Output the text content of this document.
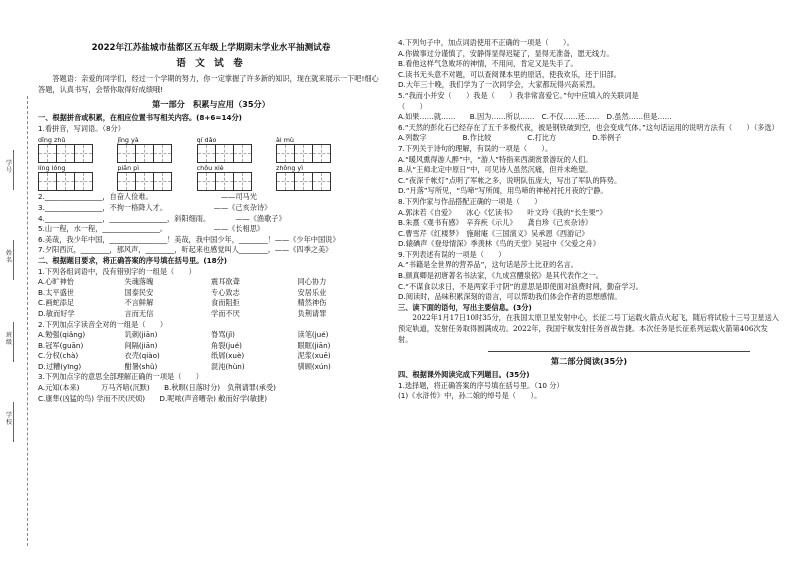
学号
姓名
班级
学校
2022年江苏盐城市盐都区五年级上学期期末学业水平抽测试卷
语 文 试 卷
答题语：亲爱的同学们，经过一个学期的努力，你一定掌握了许多新的知识，现在就来展示一下吧!细心答题，认真书写，会帮你取得好成绩哦!
第一部分　积累与应用（35分）
一、根据拼音或积累，在相应位置书写相关内容。(8+6=14分)
1.看拼音，写词语。（8分）
dīng zhǔ	jīng yà	qí dǎo	ài mù
líng lóng	piān pì	chōu xiè	zhōng yì
2.________________，自奋人俭难。　　　　　　　　　　——司马光
3.________________，不拘一格降人才。　　　　　　　——《己亥杂诗》
4.________________，________________，斜阳细雨。　　　　——《渔歌子》
5.山一程，水一程，________________。　　　　　　　——《长相思》
6.美哉，我少年中国，________________！美哉，我中国少年，________！——《少年中国说》
7.夕阳西沉，________，那风声，________，听起来也感觉叫人________。——《四季之美》
二、根据题目要求，将正确答案的序号填在括号里。(18分)
1.下列各组词语中，没有错别字的一组是（　　）
A.心旷神怡	失魂落魄	震耳欲聋	同心协力
B.太平盛世	国泰民安	专心致志	安居乐业
C.画蛇添足	不言鲜解	食而阻拒	精然神伤
D.敏而好学	言而无信	学而不厌	负荆请罪
2.下列加点字读音全对的一组是（　　）
A.勉强(qiǎng)	讥刺(jiān)	脊骂(jǐ)	读笔(jué)
B.冠军(guān)	间隔(jiān)	角裂(jué)	眼眶(jiān)
C.分权(chà)	衣壳(qiào)	纸屑(xuè)	泥浆(xuē)
D.过糟(yīng)	酣暑(shǔ)	混沌(hùn)	驯顾(xún)
3.下列加点字的意思全部理解正确的一项是（　　）
A.元知(本来)　　　万马齐喑(沉默)　　B.秋暝(日落时分)　负荆请罪(承受)
C.康隼(凶猛的鸟) 学而不厌(厌烦)　　D.呢哝(声音嘈杂) 敝而好学(敏捷)
4.下列句子中，加点词语使用不正确的一项是（　　）。
A.你做事过分谨慎了，安静得显得迟疑了，显得无准备，愿无线力。
B.看他这样气急败坏的神情，不用问，肯定又是失手了。
C.读书无头意不对题，可以查阅课本里的原话，使我欢乐，还于旧部。
D.大年三十晚，我们学为了一次同学会，大家都玩得兴高采烈。
5.“我而小并安（　　）我是（　　）我非常喜爱它。”句中应填入的关联词是
（　　）
A.如果……就……　　B.因为……所以……　C.不仅……还……　D.虽然……但是……
6.“天然的彭化石已经存在了五千多极代夜，被是钢铁破到空，也会变成气体。”这句话运用的说明方法有（　　）（多选）
A.列数字　　　　　B.作比较　　　　　C.打比方　　　　　D.举例子
7.下列关于诗句的理解，有误的一项是（　　）。
A.“暖风熏得游人醉”中，“游人”特指来西湖赏景游玩的人们。
B.从“王师北定中原日”中，可见诗人虽然沉痛，但并未绝望。
C.“夜深千帐灯”点明了军帐之多，说明队伍庞大，写出了军队的阵势。
D.“月落”写所见，“鸟啼”写所闻，用鸟啼的神秘衬托月夜的宁静。
8.下列作家与作品搭配正确的一项是（　　）
A.郭沫若《自爱》　　冰心《忆读书》　　叶文玲《我的“长生果”》
B.朱熹《观书有感》　辛弃疾《示儿》　　龚自珍《己亥杂诗》
C.曹雪芹《红楼梦》　施耐庵《三国演义》吴承恩《西游记》
D.辕碘声《登母情深》季羡林《鸟的天堂》吴冠中《父爱之舟》
9.下列表述有误的一项是（　　）
A.“书籍是全世界的营养品”，这句话是莎士比亚的名言。
B.颜真卿是初唐著名书法家，《九成宫醴泉铭》是其代表作之一。
C.“不谋食以求日，不是两家手寸阴”的意思是即使面对浪费时间，勤奋学习。
D.阅读时，品味积累深刻的语言，可以帮助我们体会作者的思想感情。
三、读下面的语句，写出主要信息。(3分)
2022年1月17日10时35分，在我国太原卫星发射中心，长征二号丁运载火箭点火起飞，随后将试验十三号卫星送入预定轨道，发射任务取得圆满成功。2022年，我国宇航发射任务首战告捷。本次任务是长征系列运载火箭第406次发射。
第二部分阅读(35分)
四、根据课外阅读完成下列题目。(35分)
1.选择题，将正确答案的序号填在括号里。（10 分）
(1)《水浒传》中，孙二娘的绰号是（　　）。
